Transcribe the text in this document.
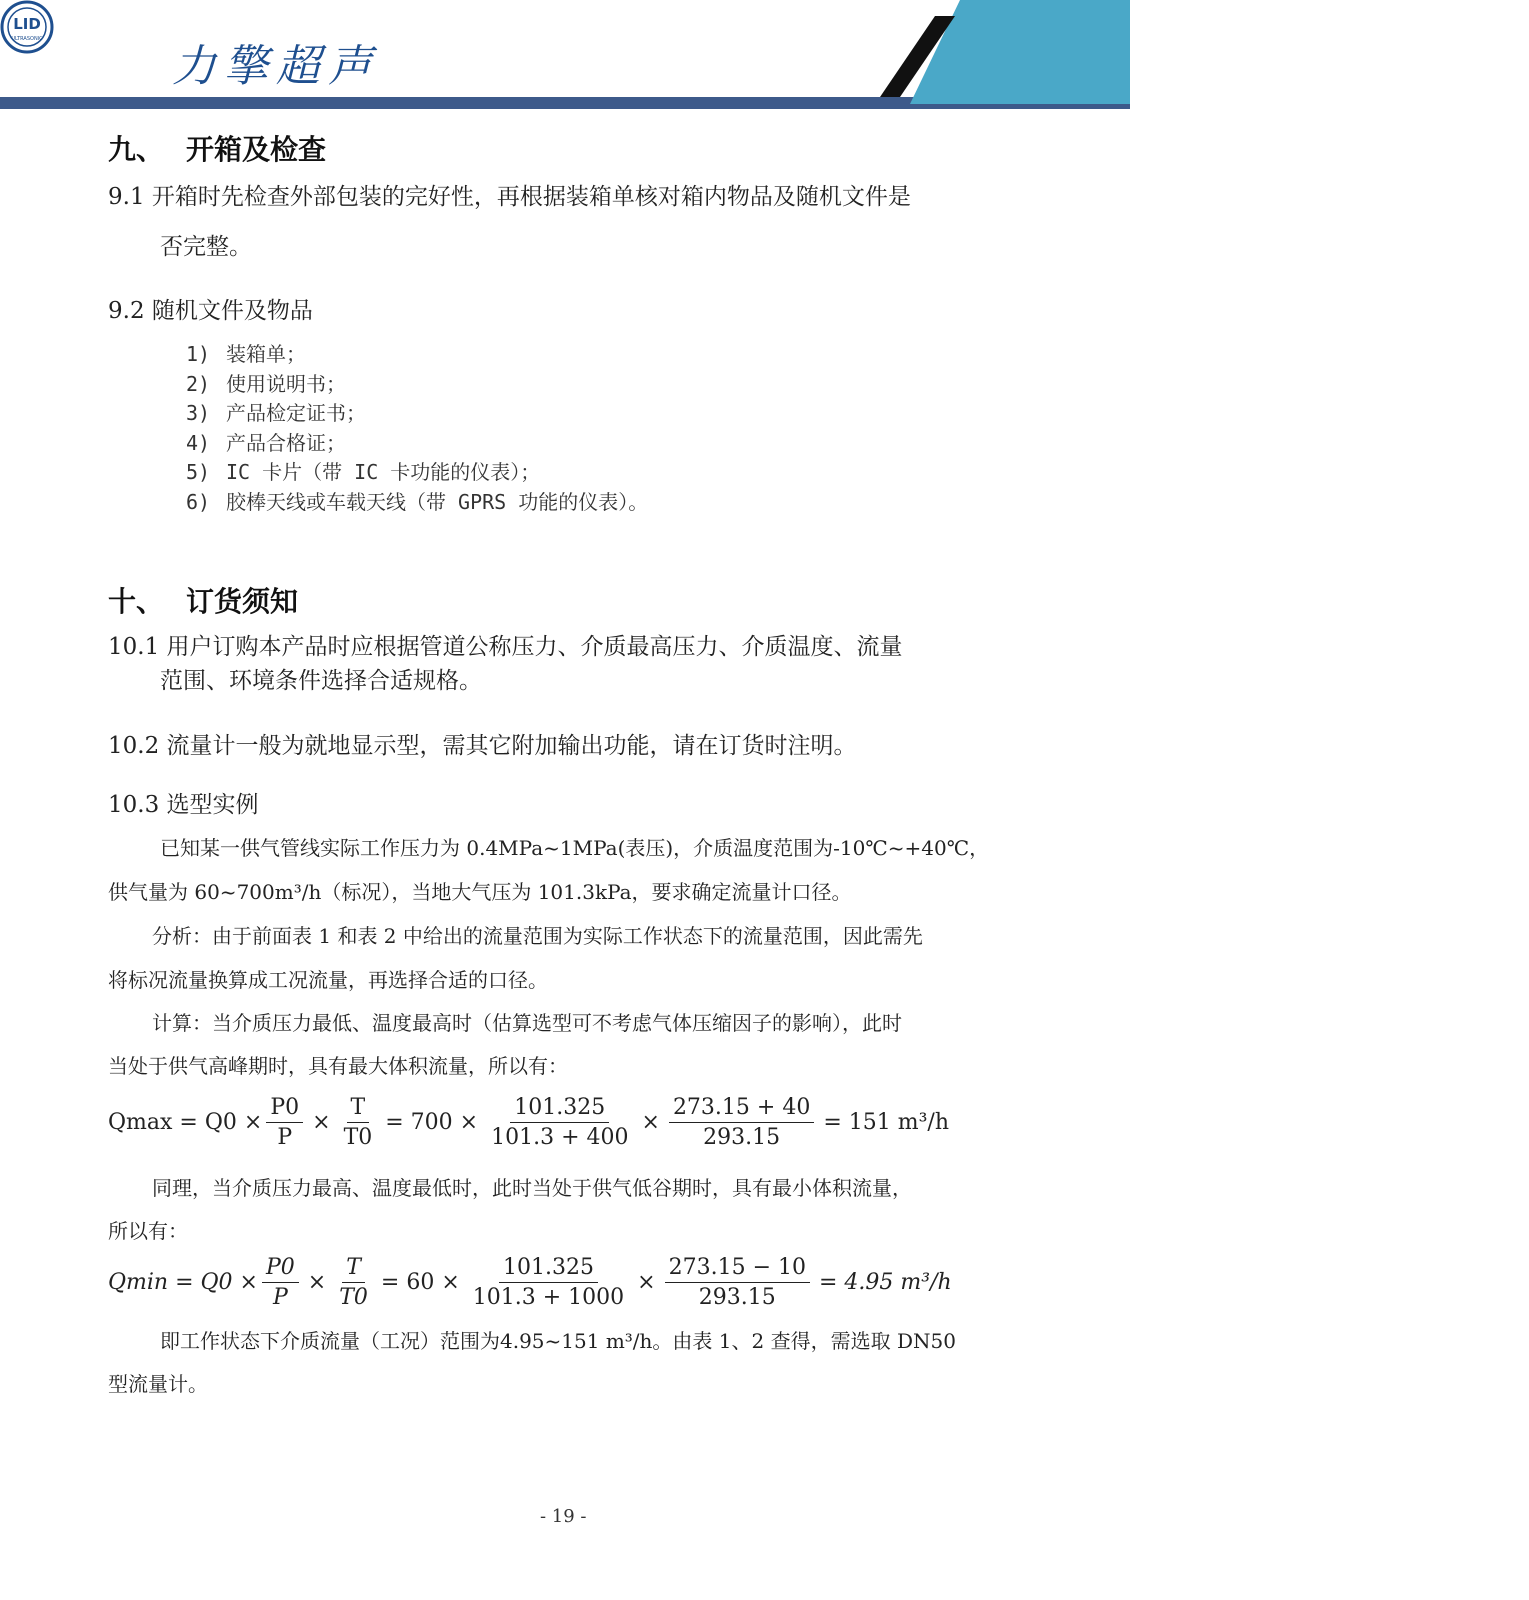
LID
ULTRASONIC
力擎超声
九、 开箱及检查
9.1 开箱时先检查外部包装的完好性，再根据装箱单核对箱内物品及随机文件是
否完整。
9.2 随机文件及物品
1) 装箱单；
2) 使用说明书；
3) 产品检定证书；
4) 产品合格证；
5) IC 卡片（带 IC 卡功能的仪表）；
6) 胶棒天线或车载天线（带 GPRS 功能的仪表）。
十、 订货须知
10.1 用户订购本产品时应根据管道公称压力、介质最高压力、介质温度、流量
范围、环境条件选择合适规格。
10.2 流量计一般为就地显示型，需其它附加输出功能，请在订货时注明。
10.3 选型实例
已知某一供气管线实际工作压力为 0.4MPa~1MPa(表压)，介质温度范围为-10℃~+40℃，
供气量为 60~700m³/h（标况），当地大气压为 101.3kPa，要求确定流量计口径。
分析：由于前面表 1 和表 2 中给出的流量范围为实际工作状态下的流量范围，因此需先
将标况流量换算成工况流量，再选择合适的口径。
计算：当介质压力最低、温度最高时（估算选型可不考虑气体压缩因子的影响），此时
当处于供气高峰期时，具有最大体积流量，所以有：
$Qmax = Q0 \times \frac{P0}{P} \times \frac{T}{T0} = 700 \times \frac{101.325}{101.3 + 400} \times \frac{273.15 + 40}{293.15} = 151$ m³/h
同理，当介质压力最高、温度最低时，此时当处于供气低谷期时，具有最小体积流量，
所以有：
$Qmin = Q0 \times \frac{P0}{P} \times \frac{T}{T0} = 60 \times \frac{101.325}{101.3 + 1000} \times \frac{273.15 - 10}{293.15} = 4.95$ m³/h
即工作状态下介质流量（工况）范围为4.95~151 m³/h。由表 1、2 查得，需选取 DN50
型流量计。
- 19 -
